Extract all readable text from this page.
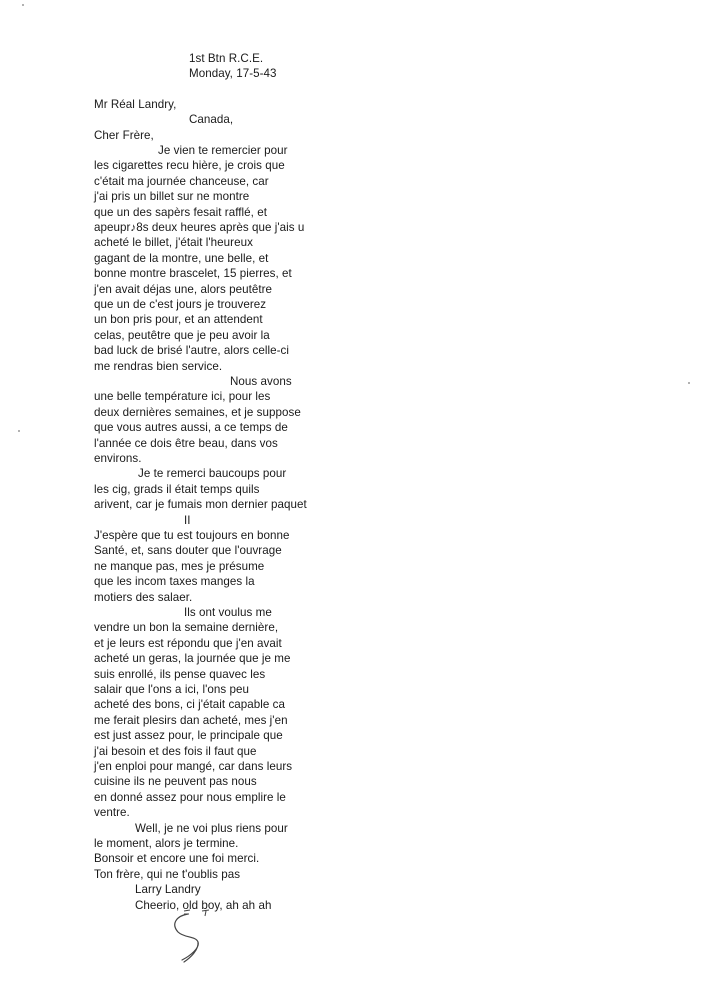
1st Btn R.C.E.
Monday, 17-5-43
Mr Réal Landry,
Canada,
Cher Frère,
Je vien te remercier pour
les cigarettes recu hière, je crois que
c'était ma journée chanceuse, car
j'ai pris un billet sur ne montre
que un des sapèrs fesait rafflé, et
apeupr♪8s deux heures après que j'ais u
acheté le billet, j'était l'heureux
gagant de la montre, une belle, et
bonne montre brascelet, 15 pierres, et
j'en avait déjas une, alors peutêtre
que un de c'est jours je trouverez
un bon pris pour, et an attendent
celas, peutêtre que je peu avoir la
bad luck de brisé l'autre, alors celle-ci
me rendras bien service.
Nous avons
une belle température ici, pour les
deux dernières semaines, et je suppose
que vous autres aussi, a ce temps de
l'année ce dois être beau, dans vos
environs.
Je te remerci baucoups pour
les cig, grads il était temps quils
arivent, car je fumais mon dernier paquet
II
J'espère que tu est toujours en bonne
Santé, et, sans douter que l'ouvrage
ne manque pas, mes je présume
que les incom taxes manges la
motiers des salaer.
Ils ont voulus me
vendre un bon la semaine dernière,
et je leurs est répondu que j'en avait
acheté un geras, la journée que je me
suis enrollé, ils pense quavec les
salair que l'ons a ici, l'ons peu
acheté des bons, ci j'était capable ca
me ferait plesirs dan acheté, mes j'en
est just assez pour, le principale que
j'ai besoin et des fois il faut que
j'en enploi pour mangé, car dans leurs
cuisine ils ne peuvent pas nous
en donné assez pour nous emplire le
ventre.
Well, je ne voi plus riens pour
le moment, alors je termine.
Bonsoir et encore une foi merci.
Ton frère, qui ne t'oublis pas
Larry Landry
Cheerio, old boy, ah ah ah
